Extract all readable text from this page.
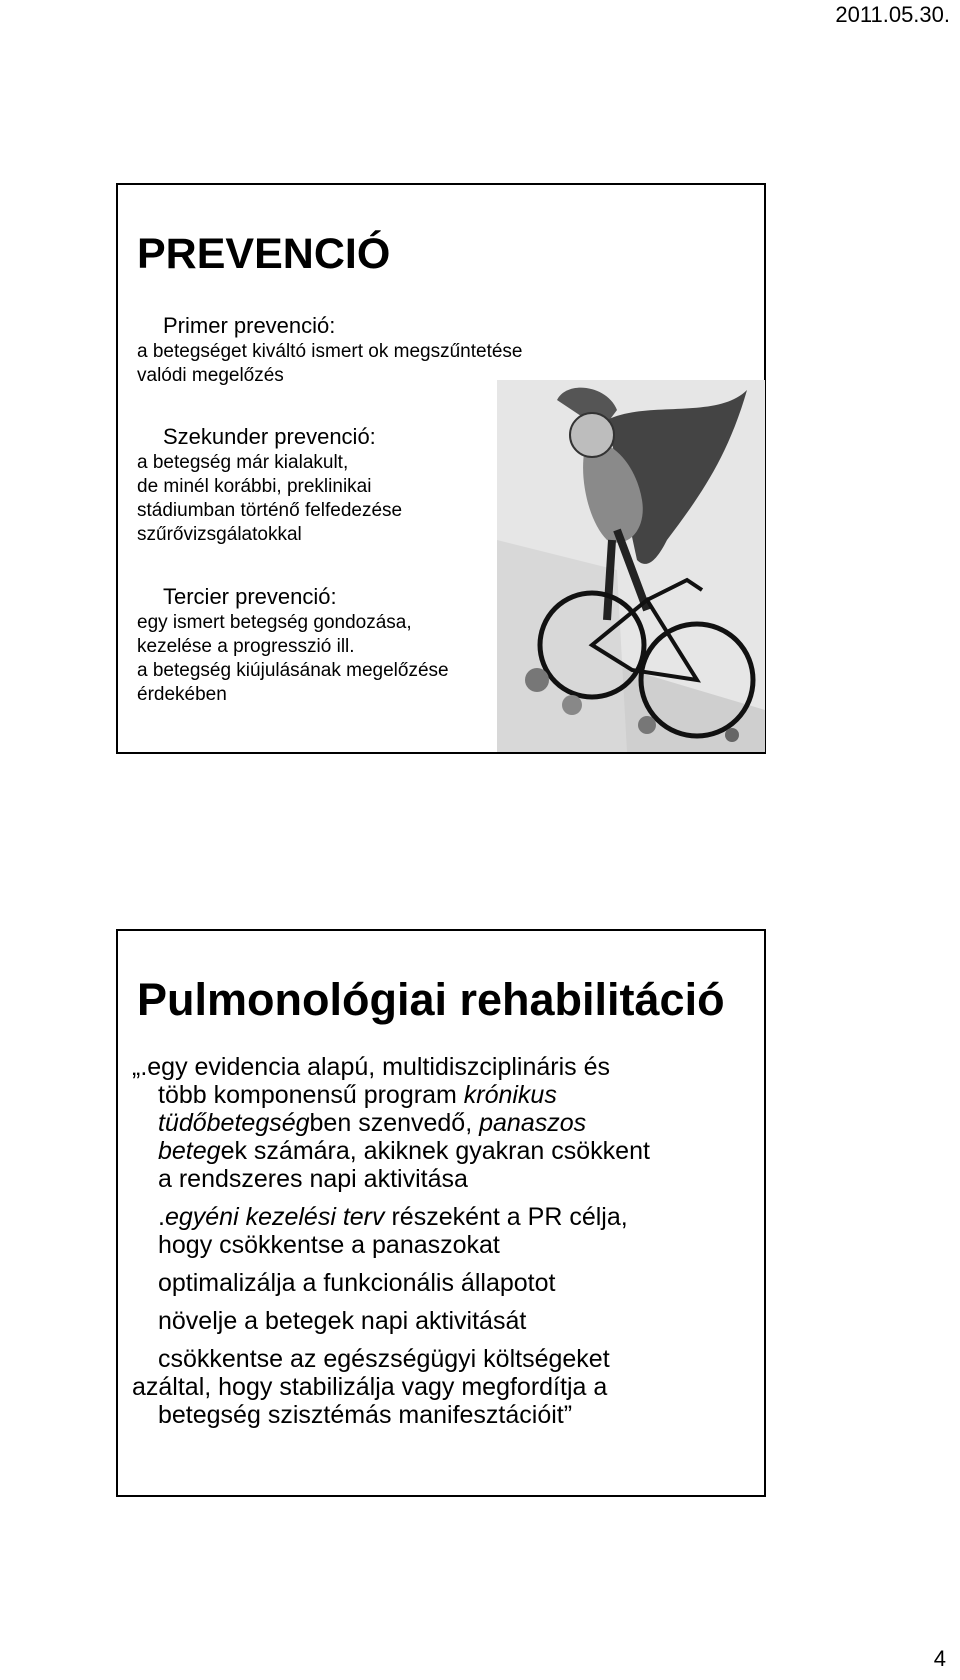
2011.05.30.
PREVENCIÓ
Primer prevenció:
a betegséget kiváltó ismert ok megszűntetése
valódi megelőzés
Szekunder prevenció:
a betegség már kialakult,
de minél korábbi, preklinikai
stádiumban történő felfedezése
szűrővizsgálatokkal
Tercier prevenció:
egy ismert betegség gondozása,
kezelése a progresszió ill.
a betegség kiújulásának megelőzése
érdekében
Pulmonológiai rehabilitáció
„.egy evidencia alapú, multidiszciplináris és
több komponensű program krónikus
tüdőbetegségben szenvedő, panaszos
betegek számára, akiknek gyakran csökkent
a rendszeres napi aktivitása
.egyéni kezelési terv részeként a PR célja,
hogy csökkentse a panaszokat
optimalizálja a funkcionális állapotot
növelje a betegek napi aktivitását
csökkentse az egészségügyi költségeket
azáltal, hogy stabilizálja vagy megfordítja a
betegség szisztémás manifesztációit”
4
